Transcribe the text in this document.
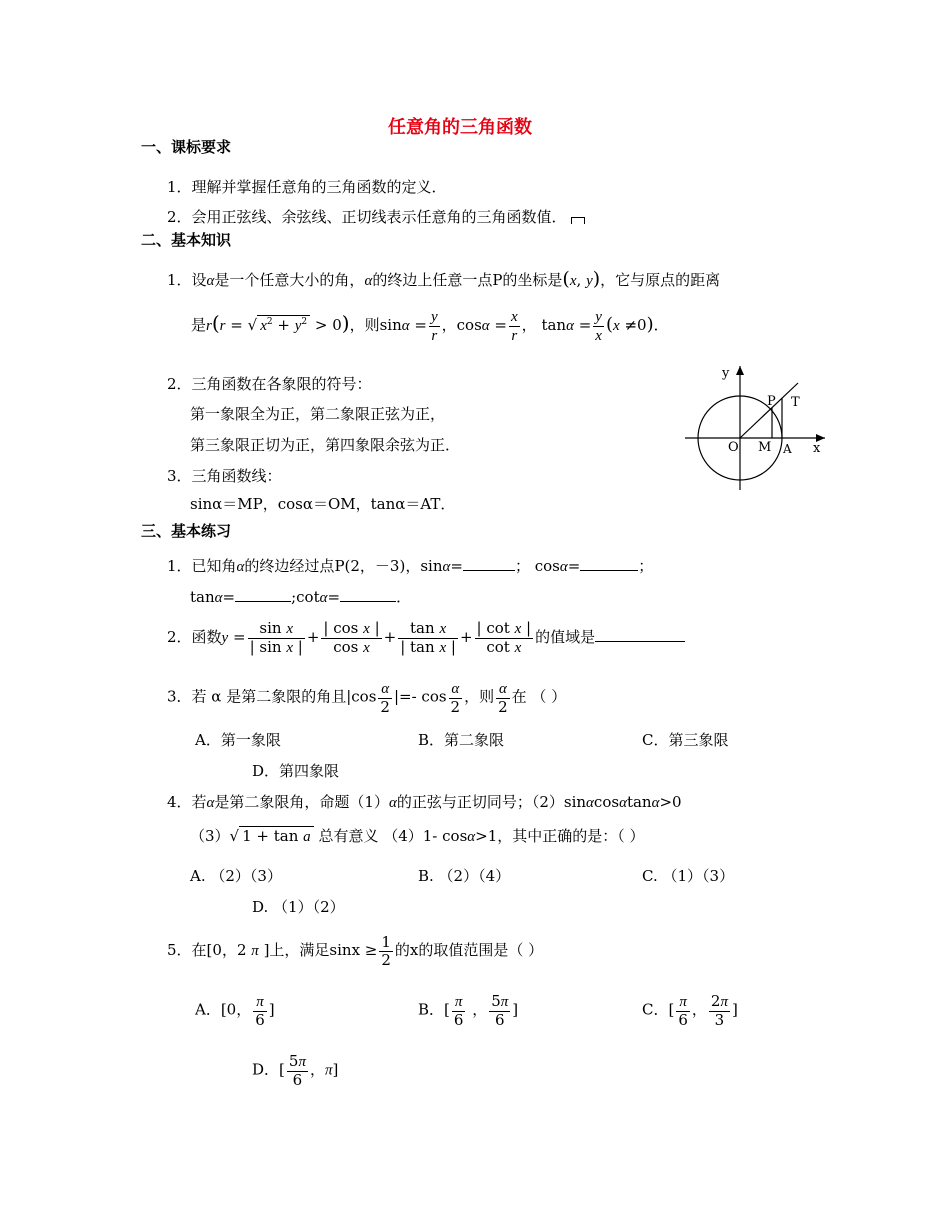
任意角的三角函数
一、课标要求
1．理解并掌握任意角的三角函数的定义．
2．会用正弦线、余弦线、正切线表示任意角的三角函数值．
二、基本知识
1．设α是一个任意大小的角，α的终边上任意一点P的坐标是(x, y)，它与原点的距离
是r(r = √ $x^2 + y^2 > 0$)，则$\sin\alpha = \frac{y}{r}$ ，$\cos\alpha = \frac{x}{r}$ ， $\tan\alpha = \frac{y}{x} (x \ne 0)$．
2．三角函数在各象限的符号：
第一象限全为正，第二象限正弦为正，
第三象限正切为正，第四象限余弦为正．
3．三角函数线：
sinα＝MP，cosα＝OM，tanα＝AT．
y
x
P T
O M A
三、基本练习
1．已知角α的终边经过点P(2，－3)，sinα=	； cosα=	；
tanα=	;cotα=	．
2．函数$y = \frac{\text{sin x}}{\text{| sin x |}} + \frac{\text{| cos x |}}{\text{cos x}} + \frac{\text{tan x}}{\text{| tan x |}} + \frac{\text{| cot x |}}{\text{cot x}}$ 的值域是
3．若 α 是第二象限的角且$|\cos \frac{\alpha}{2}$ |=- $\cos \frac{\alpha}{2}$ ，则 $\frac{\alpha}{2}$ 在 （ ）
A．第一象限	B．第二象限	C．第三象限
D．第四象限
4．若α是第二象限角，命题（1）α的正弦与正切同号；（2）sinαcosαtanα>0
（3）√ 1 + tan a 总有意义 （4）1- cosα>1，其中正确的是：（ ）
A. （2）（3）	B. （2）（4）	C. （1）（3）
D. （1）（2）
5．在[0，2 π ]上，满足$\sin x \ge \frac{1}{2}$ 的x的取值范围是（ ）
A．[0， $\frac{\pi}{6}$ ]	B．[ $\frac{\pi}{6}$ ， $\frac{5\pi}{6}$ ]	C．[ $\frac{\pi}{6}$ ， $\frac{2\pi}{3}$ ]
D．[ $\frac{5\pi}{6}$ ，π]
